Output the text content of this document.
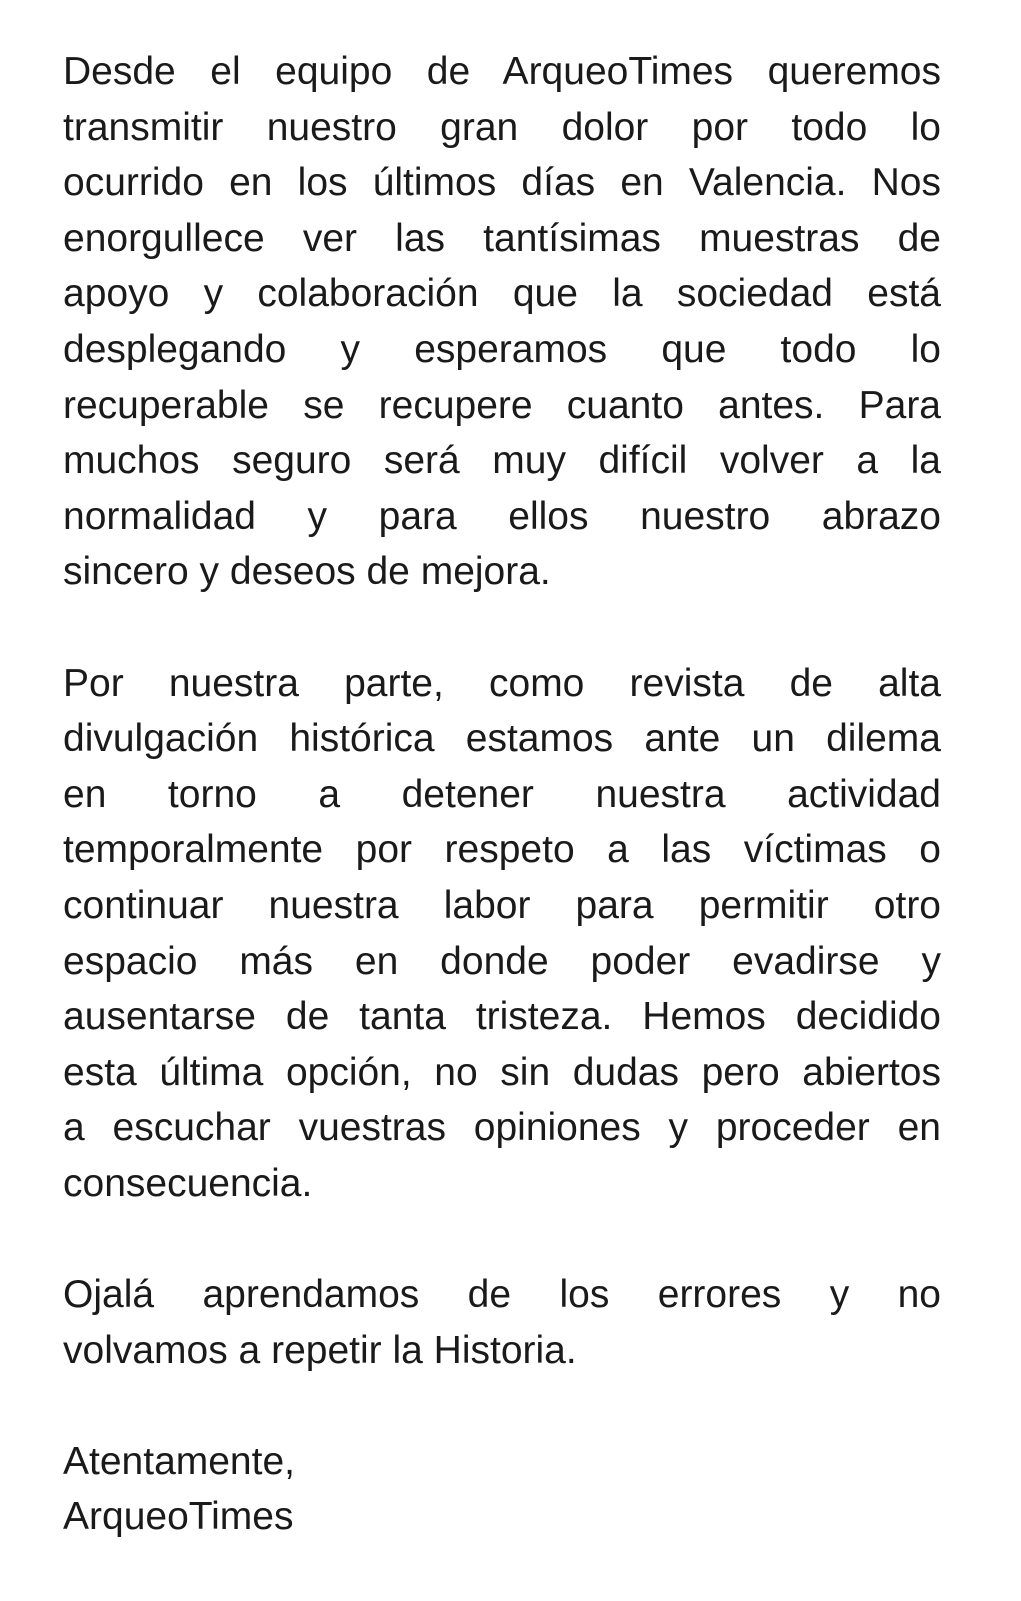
Desde el equipo de ArqueoTimes queremos
transmitir nuestro gran dolor por todo lo
ocurrido en los últimos días en Valencia. Nos
enorgullece ver las tantísimas muestras de
apoyo y colaboración que la sociedad está
desplegando y esperamos que todo lo
recuperable se recupere cuanto antes. Para
muchos seguro será muy difícil volver a la
normalidad y para ellos nuestro abrazo
sincero y deseos de mejora.
Por nuestra parte, como revista de alta
divulgación histórica estamos ante un dilema
en torno a detener nuestra actividad
temporalmente por respeto a las víctimas o
continuar nuestra labor para permitir otro
espacio más en donde poder evadirse y
ausentarse de tanta tristeza. Hemos decidido
esta última opción, no sin dudas pero abiertos
a escuchar vuestras opiniones y proceder en
consecuencia.
Ojalá aprendamos de los errores y no
volvamos a repetir la Historia.
Atentamente,
ArqueoTimes
